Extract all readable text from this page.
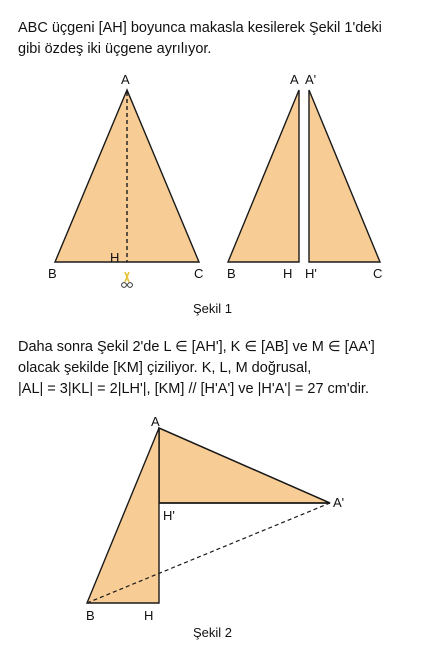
ABC üçgeni [AH] boyunca makasla kesilerek Şekil 1'deki
gibi özdeş iki üçgene ayrılıyor.

A
B
H
C
A A'
B	H H'	C
Şekil 1
A
A'
H'
B	H
Şekil 2

Daha sonra Şekil 2'de L ∈ [AH'], K ∈ [AB] ve M ∈ [AA']
olacak şekilde [KM] çiziliyor. K, L, M doğrusal,
|AL| = 3|KL| = 2|LH'|, [KM] // [H'A'] ve |H'A'| = 27 cm'dir.
